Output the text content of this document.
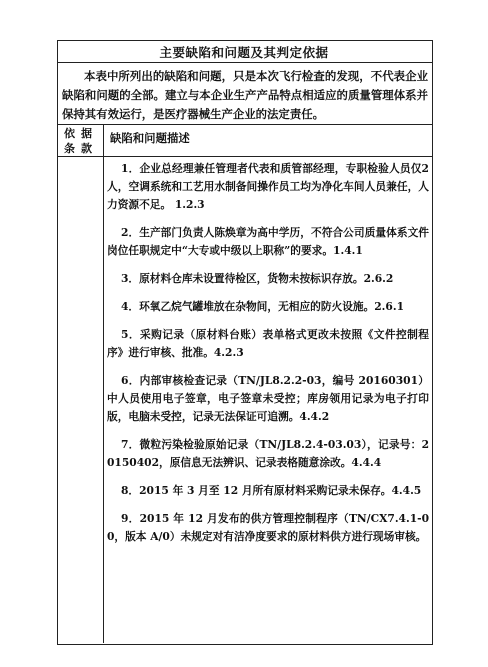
主要缺陷和问题及其判定依据
本表中所列出的缺陷和问题，只是本次飞行检查的发现，不代表企业缺陷和问题的全部。建立与本企业生产产品特点相适应的质量管理体系并保持其有效运行，是医疗器械生产企业的法定责任。
依据
条款
缺陷和问题描述
1．企业总经理兼任管理者代表和质管部经理，专职检验人员仅2人，空调系统和工艺用水制备间操作员工均为净化车间人员兼任，人力资源不足。 1.2.3
2．生产部门负责人陈焕章为高中学历，不符合公司质量体系文件岗位任职规定中“大专或中级以上职称”的要求。1.4.1
3．原材料仓库未设置待检区，货物未按标识存放。2.6.2
4．环氧乙烷气罐堆放在杂物间，无相应的防火设施。2.6.1
5．采购记录（原材料台账）表单格式更改未按照《文件控制程序》进行审核、批准。4.2.3
6．内部审核检查记录（TN/JL8.2.2-03，编号 20160301）中人员使用电子签章，电子签章未受控；库房领用记录为电子打印版，电脑未受控，记录无法保证可追溯。4.4.2
7．微粒污染检验原始记录（TN/JL8.2.4-03.03），记录号：20150402，原信息无法辨识、记录表格随意涂改。4.4.4
8．2015 年 3 月至 12 月所有原材料采购记录未保存。4.4.5
9．2015 年 12 月发布的供方管理控制程序（TN/CX7.4.1-00，版本 A/0）未规定对有洁净度要求的原材料供方进行现场审核。
